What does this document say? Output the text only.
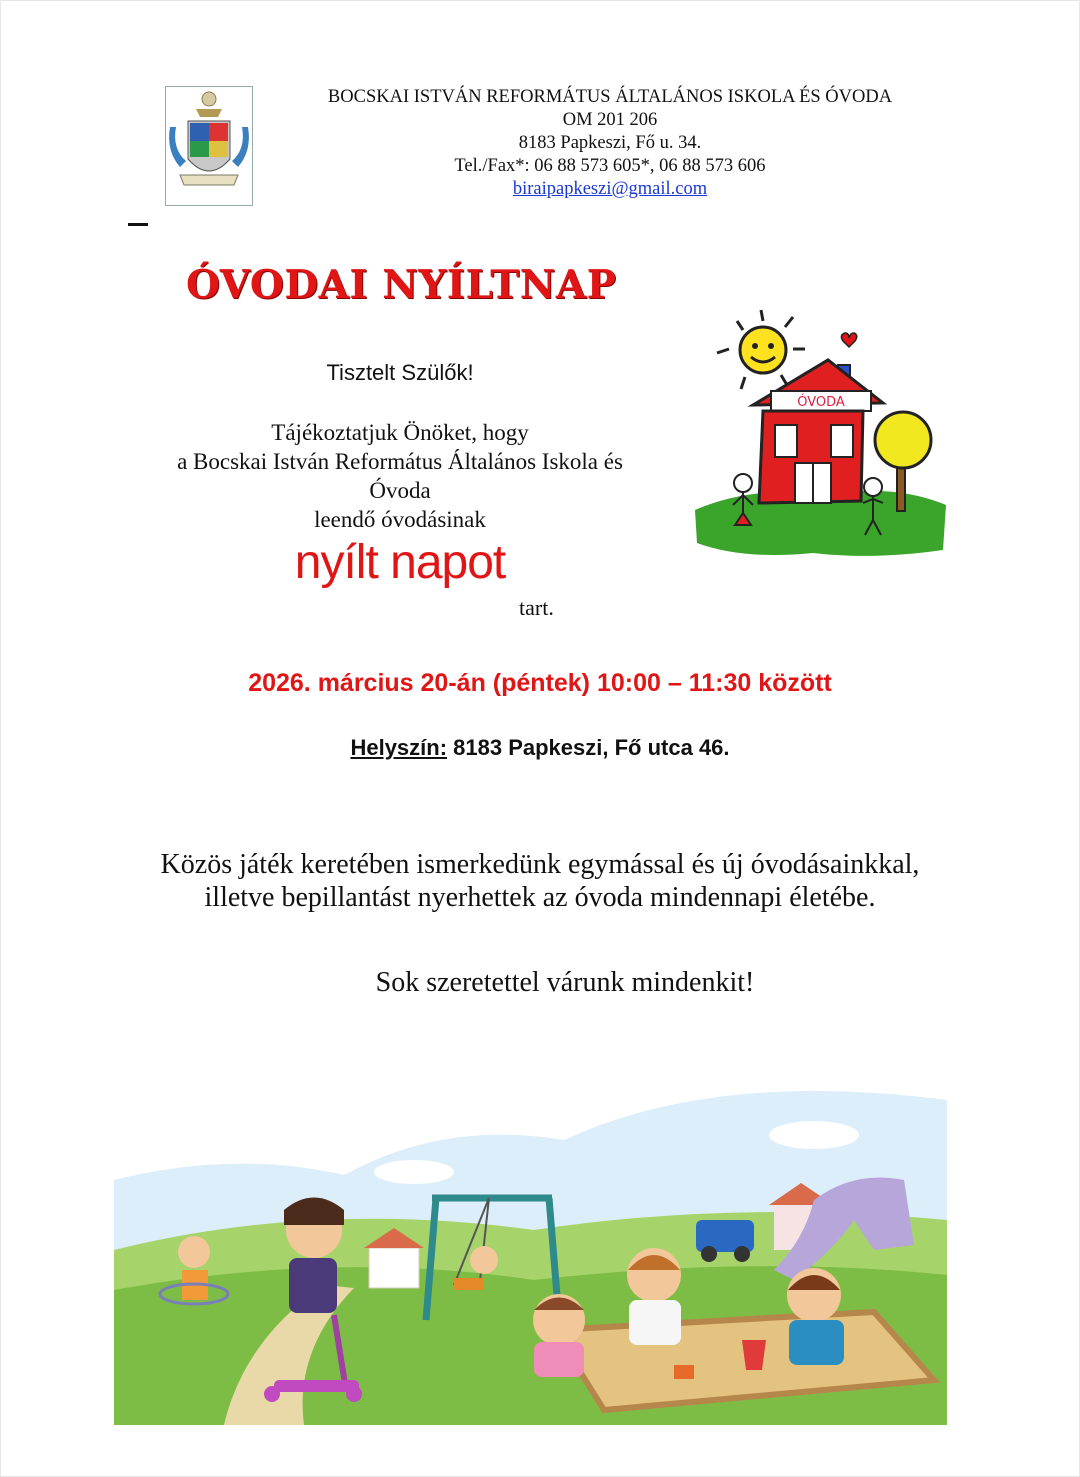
BOCSKAI ISTVÁN REFORMÁTUS ÁLTALÁNOS ISKOLA ÉS ÓVODA
OM 201 206
8183 Papkeszi, Fő u. 34.
Tel./Fax*: 06 88 573 605*, 06 88 573 606
biraipapkeszi@gmail.com
ÓVODAI NYÍLTNAP
Tisztelt Szülők!
Tájékoztatjuk Önöket, hogy
a Bocskai István Református Általános Iskola és
Óvoda
leendő óvodásinak
nyílt napot
tart.
ÓVODA
2026. március 20-án (péntek) 10:00 – 11:30 között
Helyszín: 8183 Papkeszi, Fő utca 46.
Közös játék keretében ismerkedünk egymással és új óvodásainkkal,
illetve bepillantást nyerhettek az óvoda mindennapi életébe.
Sok szeretettel várunk mindenkit!
